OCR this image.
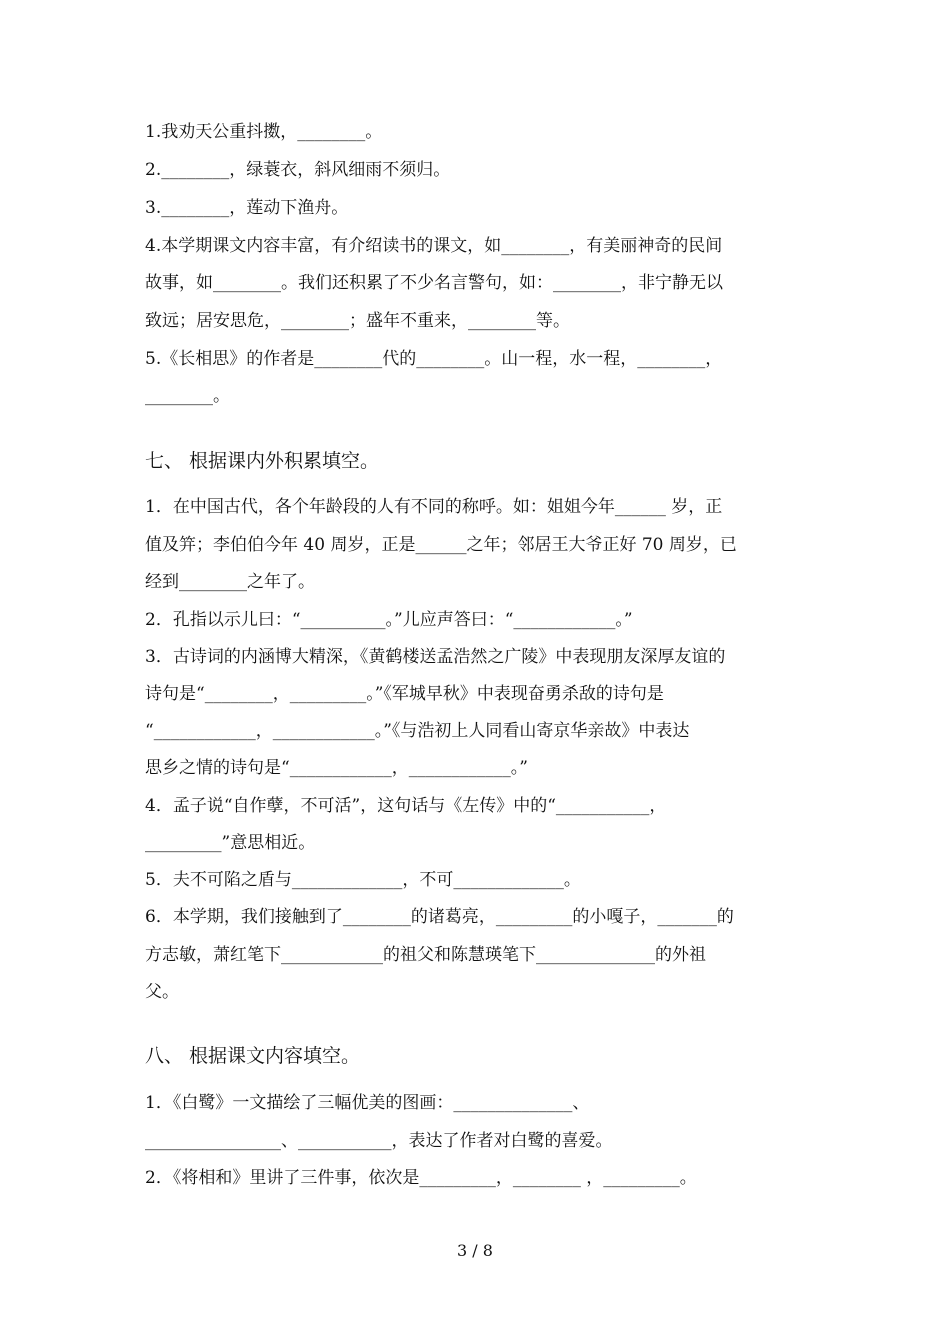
1.我劝天公重抖擞，________。
2.________，绿蓑衣，斜风细雨不须归。
3.________，莲动下渔舟。
4.本学期课文内容丰富，有介绍读书的课文，如________，有美丽神奇的民间
故事，如________。我们还积累了不少名言警句，如：________，非宁静无以
致远；居安思危，________；盛年不重来，________等。
5.《长相思》的作者是________代的________。山一程，水一程，________，
________。
七、 根据课内外积累填空。
1．在中国古代，各个年龄段的人有不同的称呼。如：姐姐今年______ 岁，正
值及笄；李伯伯今年 40 周岁，正是______之年；邻居王大爷正好 70 周岁，已
经到________之年了。
2．孔指以示儿曰：“__________。”儿应声答曰：“____________。”
3．古诗词的内涵博大精深，《黄鹤楼送孟浩然之广陵》中表现朋友深厚友谊的
诗句是“________，_________。”《军城早秋》中表现奋勇杀敌的诗句是
“____________，____________。”《与浩初上人同看山寄京华亲故》中表达
思乡之情的诗句是“____________，____________。”
4．孟子说“自作孽，不可活”，这句话与《左传》中的“___________，
_________”意思相近。
5．夫不可陷之盾与_____________，不可_____________。
6．本学期，我们接触到了________的诸葛亮，_________的小嘎子，_______的
方志敏，萧红笔下____________的祖父和陈慧瑛笔下______________的外祖
父。
八、 根据课文内容填空。
1．《白鹭》一文描绘了三幅优美的图画：______________、
________________、___________，表达了作者对白鹭的喜爱。
2．《将相和》里讲了三件事，依次是_________，________ ，_________。
3 / 8
